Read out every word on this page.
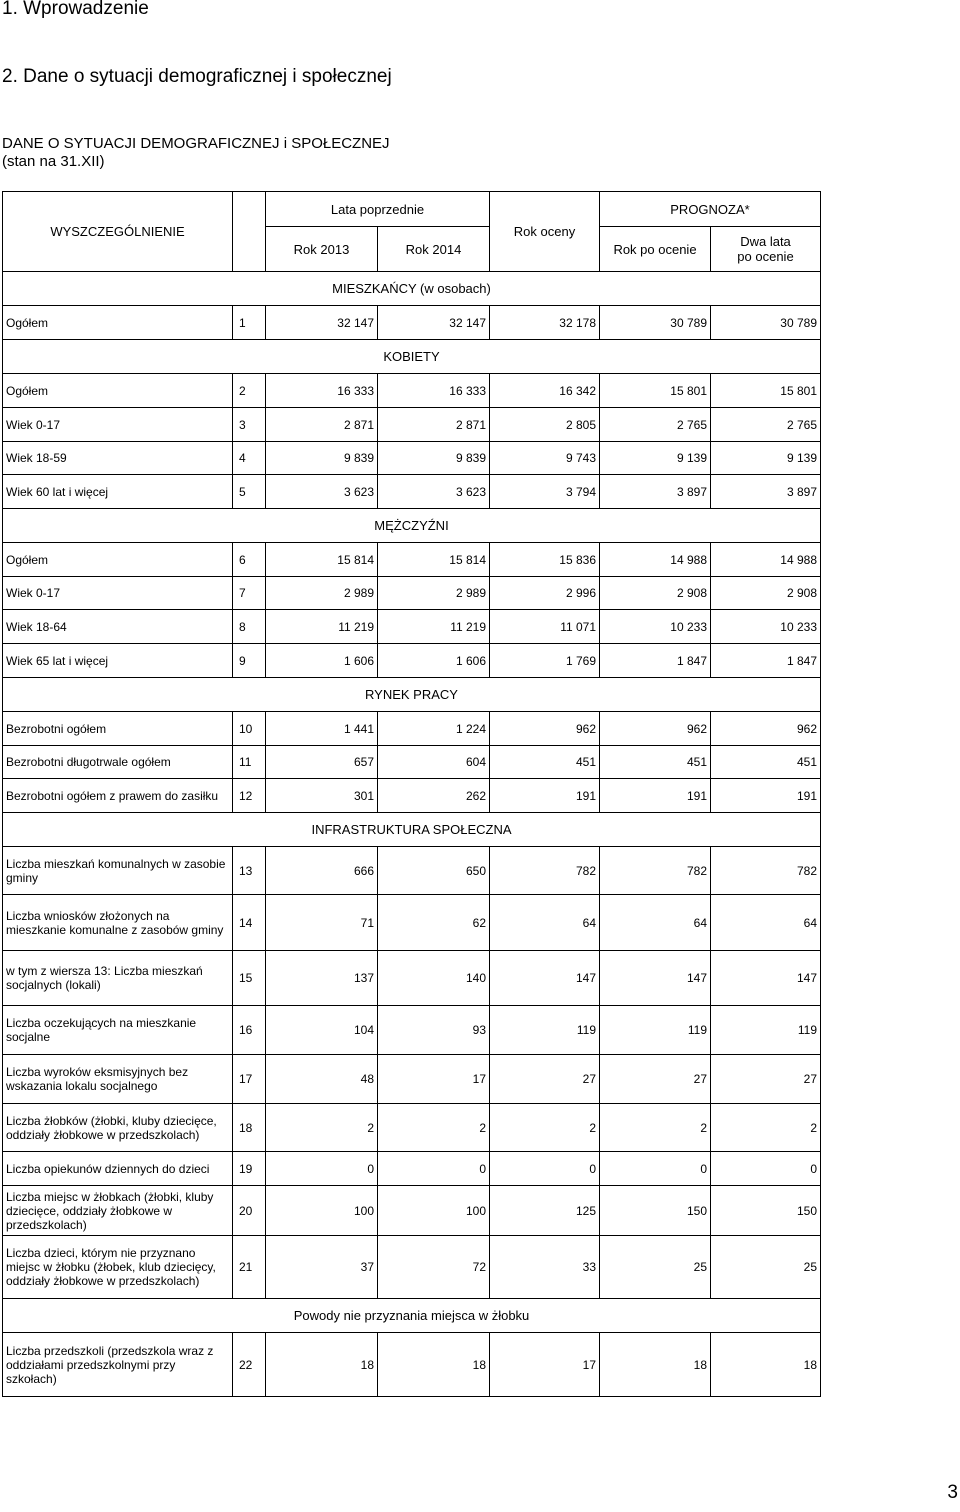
1. Wprowadzenie
2. Dane o sytuacji demograficznej i społecznej
DANE O SYTUACJI DEMOGRAFICZNEJ i SPOŁECZNEJ
(stan na 31.XII)
WYSZCZEGÓLNIENIE		Lata poprzednie		Rok oceny	PROGNOZA*	
		Rok 2013	Rok 2014		Rok po ocenie	Dwa lata
po ocenie

MIESZKAŃCY (w osobach)						
Ogółem	1	32 147	32 147	32 178	30 789	30 789
KOBIETY						
Ogółem	2	16 333	16 333	16 342	15 801	15 801
Wiek 0-17	3	2 871	2 871	2 805	2 765	2 765
Wiek 18-59	4	9 839	9 839	9 743	9 139	9 139
Wiek 60 lat i więcej	5	3 623	3 623	3 794	3 897	3 897
MĘŻCZYŹNI						
Ogółem	6	15 814	15 814	15 836	14 988	14 988
Wiek 0-17	7	2 989	2 989	2 996	2 908	2 908
Wiek 18-64	8	11 219	11 219	11 071	10 233	10 233
Wiek 65 lat i więcej	9	1 606	1 606	1 769	1 847	1 847
RYNEK PRACY						
Bezrobotni ogółem	10	1 441	1 224	962	962	962
Bezrobotni długotrwale ogółem	11	657	604	451	451	451
Bezrobotni ogółem z prawem do zasiłku	12	301	262	191	191	191
INFRASTRUKTURA SPOŁECZNA						
Liczba mieszkań komunalnych w zasobie gminy	13	666	650	782	782	782
Liczba wniosków złożonych na mieszkanie komunalne z zasobów gminy	14	71	62	64	64	64
w tym z wiersza 13: Liczba mieszkań socjalnych (lokali)	15	137	140	147	147	147
Liczba oczekujących na mieszkanie socjalne	16	104	93	119	119	119
Liczba wyroków eksmisyjnych bez wskazania lokalu socjalnego	17	48	17	27	27	27
Liczba żłobków (żłobki, kluby dziecięce, oddziały żłobkowe w przedszkolach)	18	2	2	2	2	2
Liczba opiekunów dziennych do dzieci	19	0	0	0	0	0
Liczba miejsc w żłobkach (żłobki, kluby dziecięce, oddziały żłobkowe w przedszkolach)	20	100	100	125	150	150
Liczba dzieci, którym nie przyznano miejsc w żłobku (żłobek, klub dziecięcy, oddziały żłobkowe w przedszkolach)	21	37	72	33	25	25
Powody nie przyznania miejsca w żłobku						
Liczba przedszkoli (przedszkola wraz z oddziałami przedszkolnymi przy szkołach)	22	18	18	17	18	18
3
